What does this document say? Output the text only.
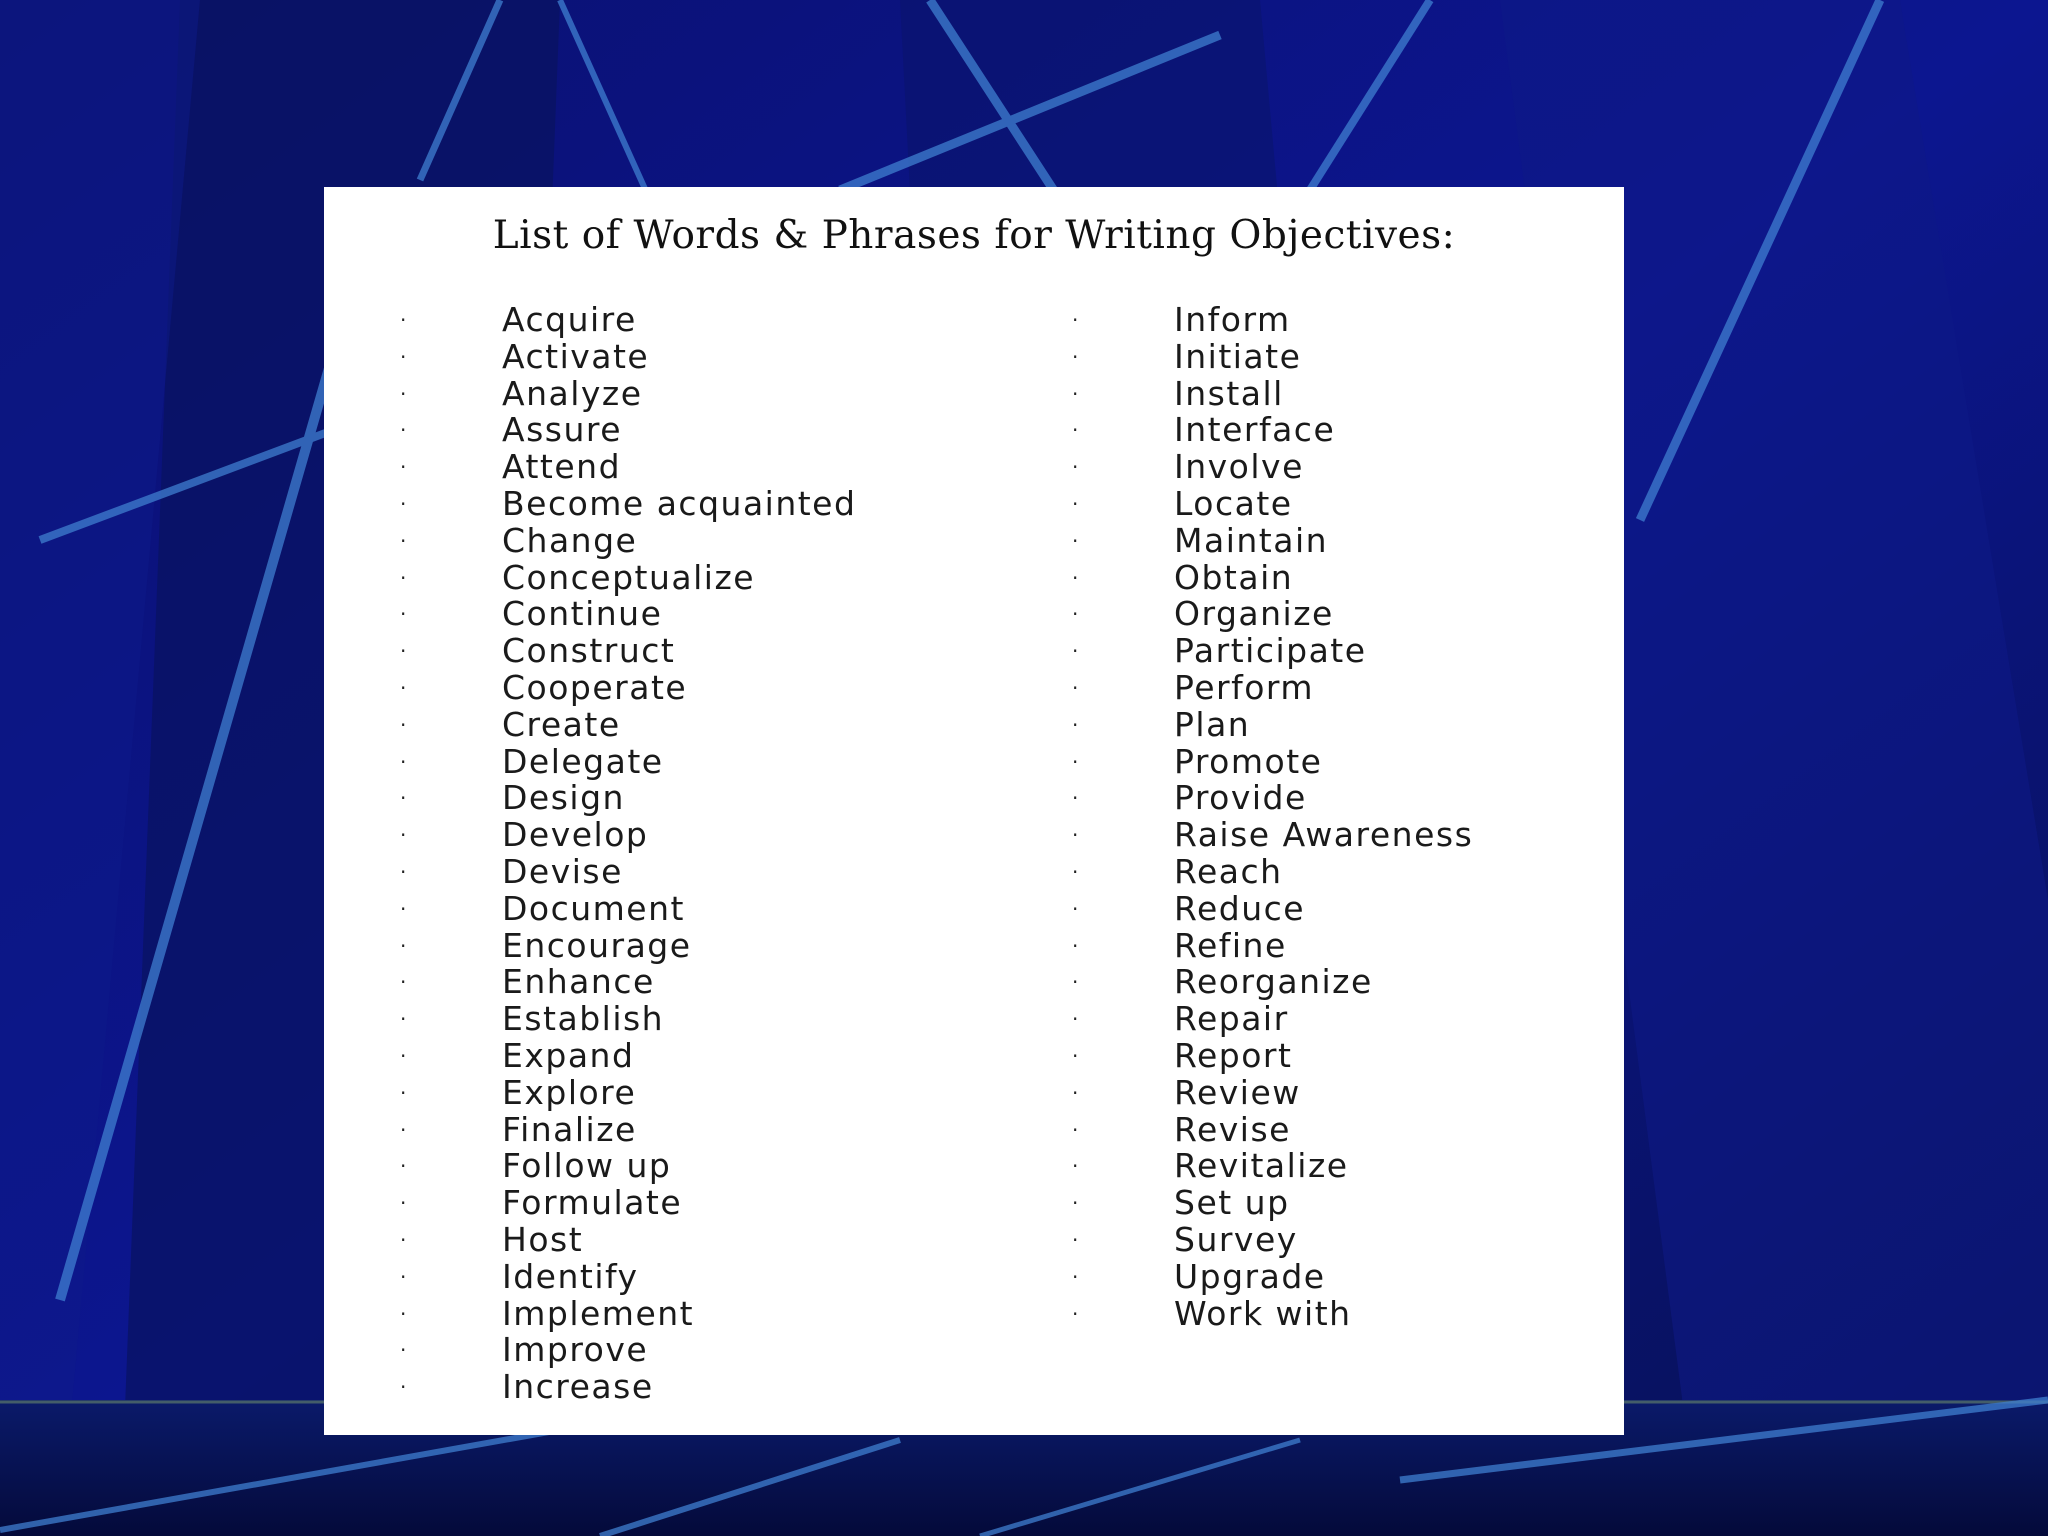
List of Words & Phrases for Writing Objectives:
·	Acquire
·	Activate
·	Analyze
·	Assure
·	Attend
·	Become acquainted
·	Change
·	Conceptualize
·	Continue
·	Construct
·	Cooperate
·	Create
·	Delegate
·	Design
·	Develop
·	Devise
·	Document
·	Encourage
·	Enhance
·	Establish
·	Expand
·	Explore
·	Finalize
·	Follow up
·	Formulate
·	Host
·	Identify
·	Implement
·	Improve
·	Increase
·	Inform
·	Initiate
·	Install
·	Interface
·	Involve
·	Locate
·	Maintain
·	Obtain
·	Organize
·	Participate
·	Perform
·	Plan
·	Promote
·	Provide
·	Raise Awareness
·	Reach
·	Reduce
·	Refine
·	Reorganize
·	Repair
·	Report
·	Review
·	Revise
·	Revitalize
·	Set up
·	Survey
·	Upgrade
·	Work with
